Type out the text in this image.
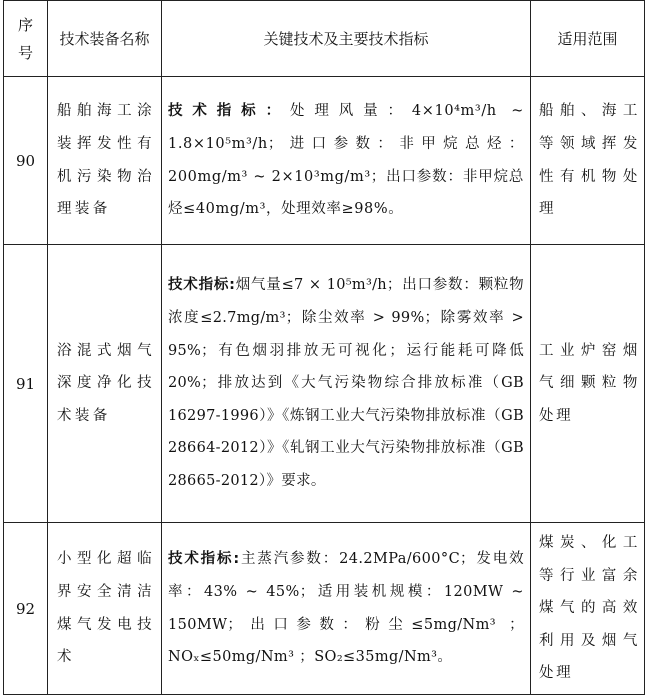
序号	技术装备名称	关键技术及主要技术指标	适用范围
90	船舶海工涂装挥发性有机污染物治理装备	技术指标：处理风量：4×10⁴m³/h ~ 1.8×10⁵m³/h；进口参数：非甲烷总烃：200mg/m³ ~ 2×10³mg/m³；出口参数：非甲烷总烃≤40mg/m³，处理效率≥98%。	船舶、海工等领域挥发性有机物处理
91	浴混式烟气深度净化技术装备	技术指标:烟气量≤7 × 10⁵m³/h；出口参数：颗粒物浓度≤2.7mg/m³；除尘效率 > 99%；除雾效率 > 95%；有色烟羽排放无可视化；运行能耗可降低 20%；排放达到《大气污染物综合排放标准（GB 16297-1996）》《炼钢工业大气污染物排放标准（GB 28664-2012）》《轧钢工业大气污染物排放标准（GB 28665-2012）》要求。	工业炉窑烟气细颗粒物处理
92	小型化超临界安全清洁煤气发电技术	技术指标:主蒸汽参数：24.2MPa/600°C；发电效率：43% ~ 45%；适用装机规模：120MW ~ 150MW；出口参数：粉尘≤5mg/Nm³ ；NOₓ≤50mg/Nm³ ；SO₂≤35mg/Nm³。	煤炭、化工等行业富余煤气的高效利用及烟气处理
